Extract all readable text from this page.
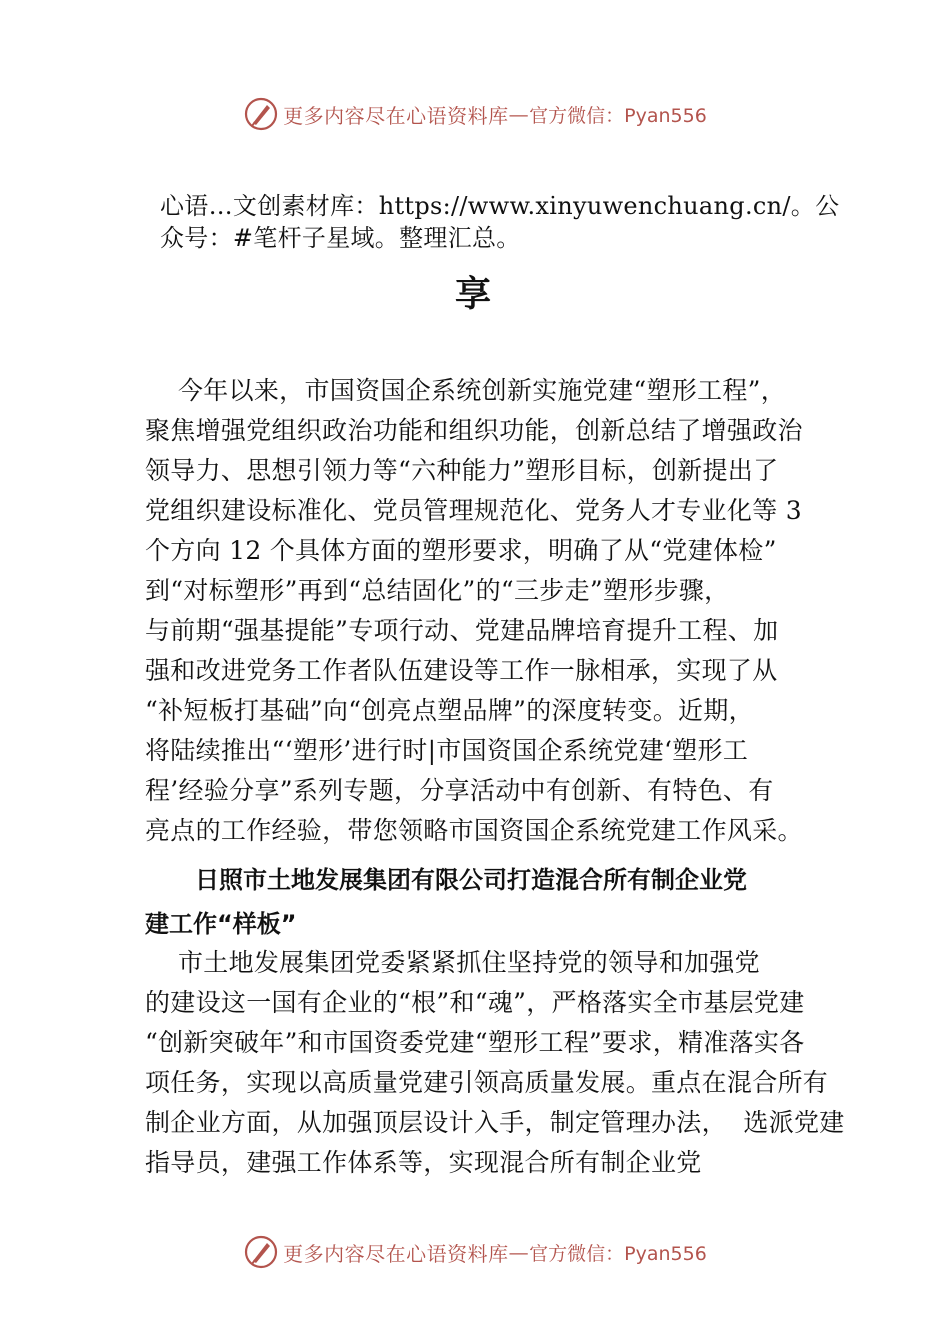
更多内容尽在心语资料库 — 官方微信：Pyan556
心语…文创素材库：https://www.xinyuwenchuang.cn/。公
众号：#笔杆子星域。整理汇总。
享
今年以来，市国资国企系统创新实施党建“塑形工程”，
聚焦增强党组织政治功能和组织功能，创新总结了增强政治
领导力、思想引领力等“六种能力”塑形目标，创新提出了
党组织建设标准化、党员管理规范化、党务人才专业化等 3
个方向 12 个具体方面的塑形要求，明确了从“党建体检”
到“对标塑形”再到“总结固化”的“三步走”塑形步骤，
与前期“强基提能”专项行动、党建品牌培育提升工程、加
强和改进党务工作者队伍建设等工作一脉相承，实现了从
“补短板打基础”向“创亮点塑品牌”的深度转变。近期，
将陆续推出“‘塑形’进行时|市国资国企系统党建‘塑形工
程’经验分享”系列专题，分享活动中有创新、有特色、有
亮点的工作经验，带您领略市国资国企系统党建工作风采。
日照市土地发展集团有限公司打造混合所有制企业党
建工作“样板”
市土地发展集团党委紧紧抓住坚持党的领导和加强党
的建设这一国有企业的“根”和“魂”，严格落实全市基层党建
“创新突破年”和市国资委党建“塑形工程”要求，精准落实各
项任务，实现以高质量党建引领高质量发展。重点在混合所有
制企业方面，从加强顶层设计入手，制定管理办法，  选派党建
指导员，建强工作体系等，实现混合所有制企业党
更多内容尽在心语资料库 — 官方微信：Pyan556
